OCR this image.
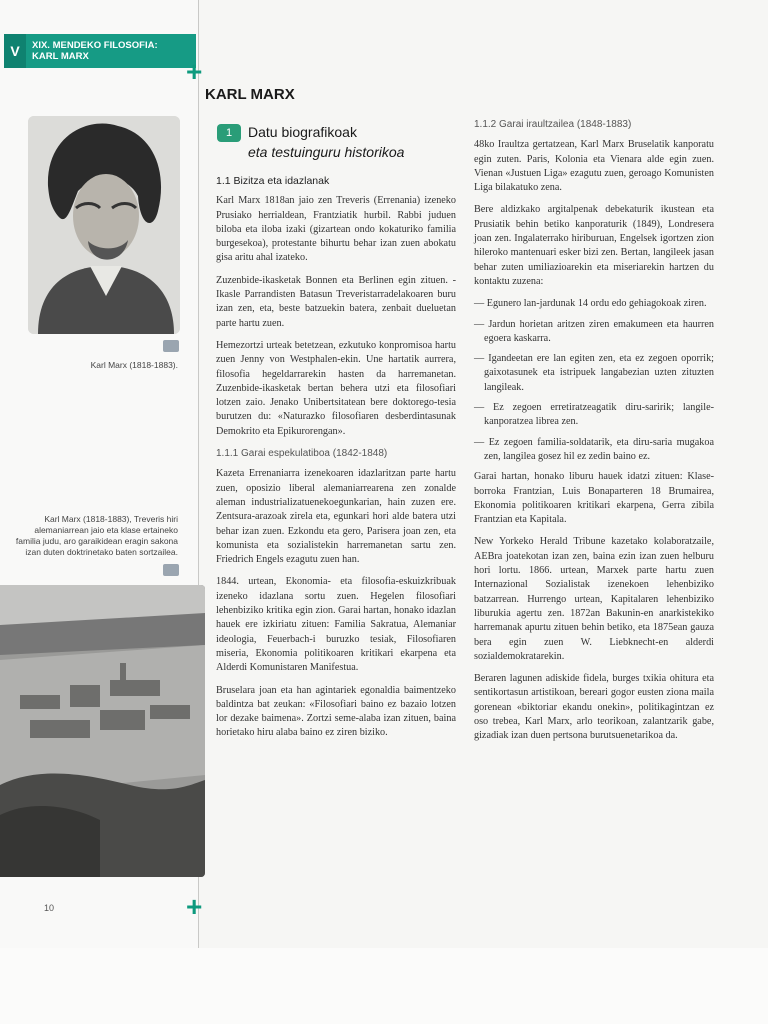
V	XIX. MENDEKO FILOSOFIA:
KARL MARX	+
+
Karl Marx (1818-1883).
Karl Marx (1818-1883), Treveris hiri
alemaniarrean jaio eta klase ertaineko
familia judu, aro garaikidean eragin sakona
izan duten doktrinetako baten sortzailea.
10
KARL MARX
1	Datu biografikoak
eta testuinguru historikoa
1.1 Bizitza eta idazlanak

Karl Marx 1818an jaio zen Treveris (Errenania) izeneko Prusiako herrialdean, Frantziatik hurbil. Rabbi juduen biloba eta iloba izaki (gizartean ondo kokaturiko familia burgesekoa), protestante bihurtu behar izan zuen abokatu gisa aritu ahal izateko.

Zuzenbide-ikasketak Bonnen eta Berlinen egin zituen. -Ikasle Parrandisten Batasun Treveristarradelakoaren buru izan zen, eta, beste batzuekin batera, zenbait dueluetan parte hartu zuen.

Hemezortzi urteak betetzean, ezkutuko konpromisoa hartu zuen Jenny von Westphalen-ekin. Une hartatik aurrera, filosofia hegeldarrarekin hasten da harremanetan. Zuzenbide-ikasketak bertan behera utzi eta filosofiari lotzen zaio. Jenako Unibertsitatean bere doktorego-tesia burutzen du: «Naturazko filosofiaren desberdintasunak Demokrito eta Epikurorengan».

1.1.1 Garai espekulatiboa (1842-1848)

Kazeta Errenaniarra izenekoaren idazlaritzan parte hartu zuen, oposizio liberal alemaniarrearena zen zonalde aleman industrializatuenekoegunkarian, hain zuzen ere. Zentsura-arazoak zirela eta, egunkari hori alde batera utzi behar izan zuen. Ezkondu eta gero, Parisera joan zen, eta komunista eta sozialistekin harremanetan sartu zen. Friedrich Engels ezagutu zuen han.

1844. urtean, Ekonomia- eta filosofia-eskuizkribuak izeneko idazlana sortu zuen. Hegelen filosofiari lehenbiziko kritika egin zion. Garai hartan, honako idazlan hauek ere izkiriatu zituen: Familia Sakratua, Alemaniar ideologia, Feuerbach-i buruzko tesiak, Filosofiaren miseria, Ekonomia politikoaren kritikari ekarpena eta Alderdi Komunistaren Manifestua.

Bruselara joan eta han agintariek egonaldia baimentzeko baldintza bat zeukan: «Filosofiari baino ez bazaio lotzen lor dezake baimena». Zortzi seme-alaba izan zituen, baina horietako hiru alaba baino ez ziren biziko.

1.1.2 Garai iraultzailea (1848-1883)

48ko Iraultza gertatzean, Karl Marx Bruselatik kanporatu egin zuten. Paris, Kolonia eta Vienara alde egin zuen. Vienan «Justuen Liga» ezagutu zuen, geroago Komunisten Liga bilakatuko zena.

Bere aldizkako argitalpenak debekaturik ikustean eta Prusiatik behin betiko kanporaturik (1849), Londresera joan zen. Ingalaterrako hiriburuan, Engelsek igortzen zion hileroko mantenuari esker bizi zen. Bertan, langileek jasan behar zuten umiliazioarekin eta miseriarekin hartzen du kontaktu zuzena:

— Egunero lan-jardunak 14 ordu edo gehiagokoak ziren.
— Jardun horietan aritzen ziren emakumeen eta haurren egoera kaskarra.
— Igandeetan ere lan egiten zen, eta ez zegoen oporrik; gaixotasunek eta istripuek langabezian uzten zituzten langileak.
— Ez zegoen erretiratzeagatik diru-saririk; langile-kanporatzea librea zen.
— Ez zegoen familia-soldatarik, eta diru-saria mugakoa zen, langilea gosez hil ez zedin baino ez.

Garai hartan, honako liburu hauek idatzi zituen: Klase-borroka Frantzian, Luis Bonaparteren 18 Brumairea, Ekonomia politikoaren kritikari ekarpena, Gerra zibila Frantzian eta Kapitala.

New Yorkeko Herald Tribune kazetako kolaboratzaile, AEBra joatekotan izan zen, baina ezin izan zuen helburu hori lortu. 1866. urtean, Marxek parte hartu zuen Internazional Sozialistak izenekoen lehenbiziko batzarrean. Hurrengo urtean, Kapitalaren lehenbiziko liburukia agertu zen. 1872an Bakunin-en anarkistekiko harremanak apurtu zituen behin betiko, eta 1875ean gauza bera egin zuen W. Liebknecht-en alderdi sozialdemokratarekin.

Beraren lagunen adiskide fidela, burges txikia ohitura eta sentikortasun artistikoan, bereari gogor eusten ziona maila gorenean «biktoriar ekandu onekin», politikagintzan ez oso trebea, Karl Marx, arlo teorikoan, zalantzarik gabe, gizadiak izan duen pertsona burutsuenetarikoa da.
